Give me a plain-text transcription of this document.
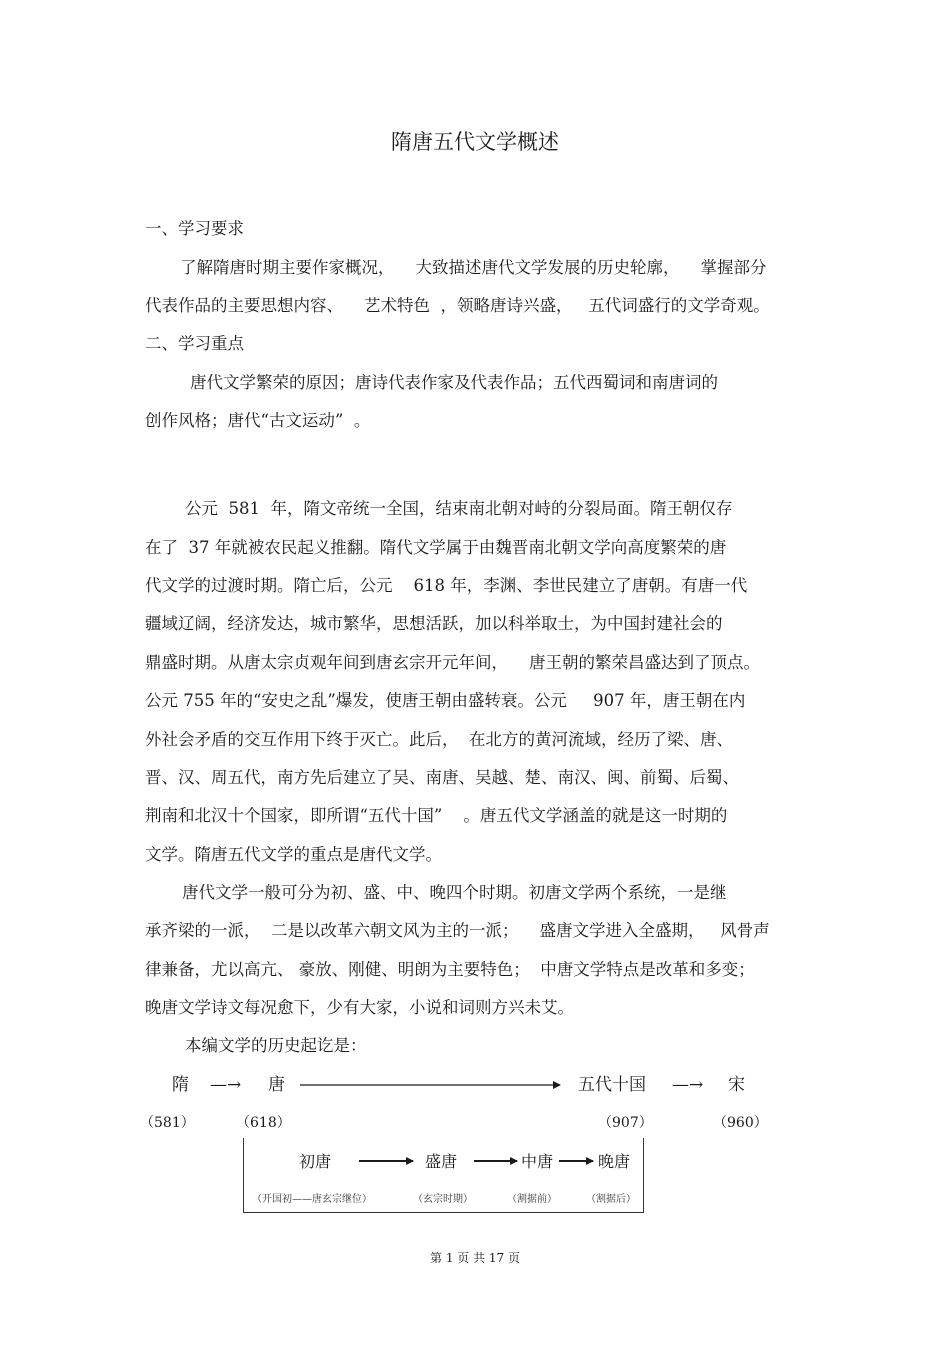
隋唐五代文学概述
一、学习要求
了解隋唐时期主要作家概况，    大致描述唐代文学发展的历史轮廓，    掌握部分
代表作品的主要思想内容、    艺术特色  ，领略唐诗兴盛，   五代词盛行的文学奇观。
二、学习重点
唐代文学繁荣的原因；唐诗代表作家及代表作品；五代西蜀词和南唐词的
创作风格；唐代“古文运动”  。
公元  581  年，隋文帝统一全国，结束南北朝对峙的分裂局面。隋王朝仅存
在了  37 年就被农民起义推翻。隋代文学属于由魏晋南北朝文学向高度繁荣的唐
代文学的过渡时期。隋亡后，公元    618 年，李渊、李世民建立了唐朝。有唐一代
疆域辽阔，经济发达，城市繁华，思想活跃，加以科举取士，为中国封建社会的
鼎盛时期。从唐太宗贞观年间到唐玄宗开元年间，    唐王朝的繁荣昌盛达到了顶点。
公元 755 年的“安史之乱”爆发，使唐王朝由盛转衰。公元     907 年，唐王朝在内
外社会矛盾的交互作用下终于灭亡。此后，  在北方的黄河流域，经历了梁、唐、
晋、汉、周五代，南方先后建立了吴、南唐、吴越、楚、南汉、闽、前蜀、后蜀、
荆南和北汉十个国家，即所谓“五代十国”    。唐五代文学涵盖的就是这一时期的
文学。隋唐五代文学的重点是唐代文学。
唐代文学一般可分为初、盛、中、晚四个时期。初唐文学两个系统，一是继
承齐梁的一派，  二是以改革六朝文风为主的一派；    盛唐文学进入全盛期，   风骨声
律兼备，尤以高亢、 豪放、刚健、明朗为主要特色；  中唐文学特点是改革和多变；
晚唐文学诗文每况愈下，少有大家，小说和词则方兴未艾。
本编文学的历史起讫是：
隋 —→ 唐	五代十国 —→ 宋
（581）	（618）	（907）	（960）
初唐	盛唐	中唐	晚唐
（开国初——唐玄宗继位）	（玄宗时期）	（割据前）	（割据后）
第 1 页 共 17 页
